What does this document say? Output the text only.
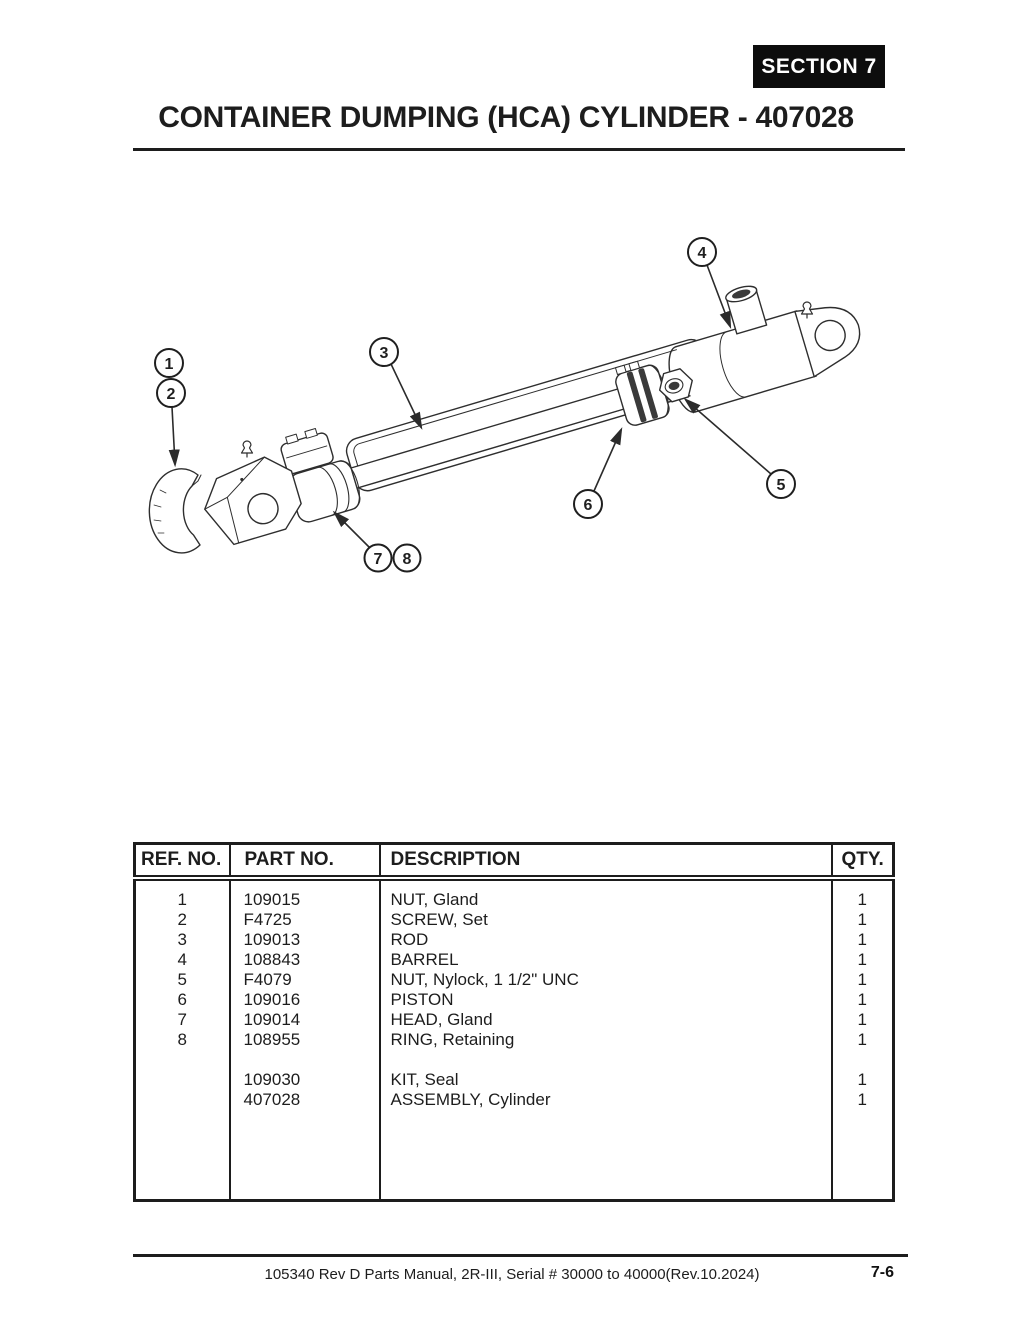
SECTION 7
CONTAINER DUMPING (HCA) CYLINDER - 407028
1
2
3
4
5
6
7 8
REF. NO.	PART NO.	DESCRIPTION	QTY.

1	109015	NUT, Gland	1
2	F4725	SCREW, Set	1
3	109013	ROD	1
4	108843	BARREL	1
5	F4079	NUT, Nylock, 1 1/2" UNC	1
6	109016	PISTON	1
7	109014	HEAD, Gland	1
8	108955	RING, Retaining	1

	109030	KIT, Seal	1
	407028	ASSEMBLY, Cylinder	1

105340 Rev D Parts Manual, 2R-III, Serial # 30000 to 40000(Rev.10.2024)	7-6
